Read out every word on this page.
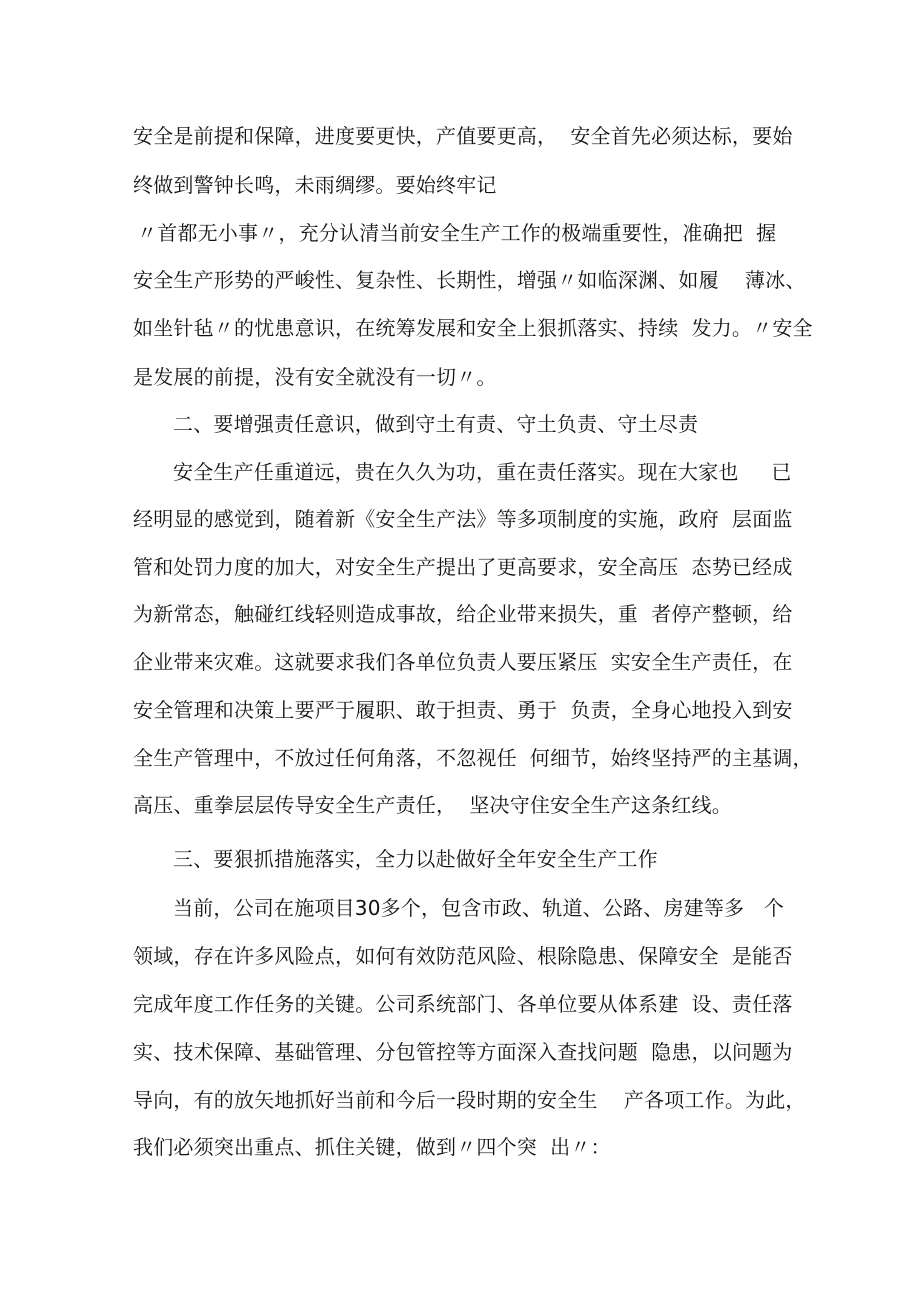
安全是前提和保障，进度要更快，产值要更高，  安全首先必须达标，要始
终做到警钟长鸣，未雨绸缪。要始终牢记
〃首都无小事〃，充分认清当前安全生产工作的极端重要性，准确把  握
安全生产形势的严峻性、复杂性、长期性，增强〃如临深渊、如履    薄冰、
如坐针毡〃的忧患意识，在统筹发展和安全上狠抓落实、持续  发力。〃安全
是发展的前提，没有安全就没有一切〃。
二、要增强责任意识，做到守土有责、守土负责、守土尽责
安全生产任重道远，贵在久久为功，重在责任落实。现在大家也     已
经明显的感觉到，随着新《安全生产法》等多项制度的实施，政府  层面监
管和处罚力度的加大，对安全生产提出了更高要求，安全高压  态势已经成
为新常态，触碰红线轻则造成事故，给企业带来损失，重  者停产整顿，给
企业带来灾难。这就要求我们各单位负责人要压紧压  实安全生产责任，在
安全管理和决策上要严于履职、敢于担责、勇于  负责，全身心地投入到安
全生产管理中，不放过任何角落，不忽视任  何细节，始终坚持严的主基调，
高压、重拳层层传导安全生产责任，  坚决守住安全生产这条红线。
三、要狠抓措施落实，全力以赴做好全年安全生产工作
当前，公司在施项目30多个，包含市政、轨道、公路、房建等多   个
领域，存在许多风险点，如何有效防范风险、根除隐患、保障安全  是能否
完成年度工作任务的关键。公司系统部门、各单位要从体系建  设、责任落
实、技术保障、基础管理、分包管控等方面深入查找问题  隐患，以问题为
导向，有的放矢地抓好当前和今后一段时期的安全生    产各项工作。为此，
我们必须突出重点、抓住关键，做到〃四个突  出〃：
